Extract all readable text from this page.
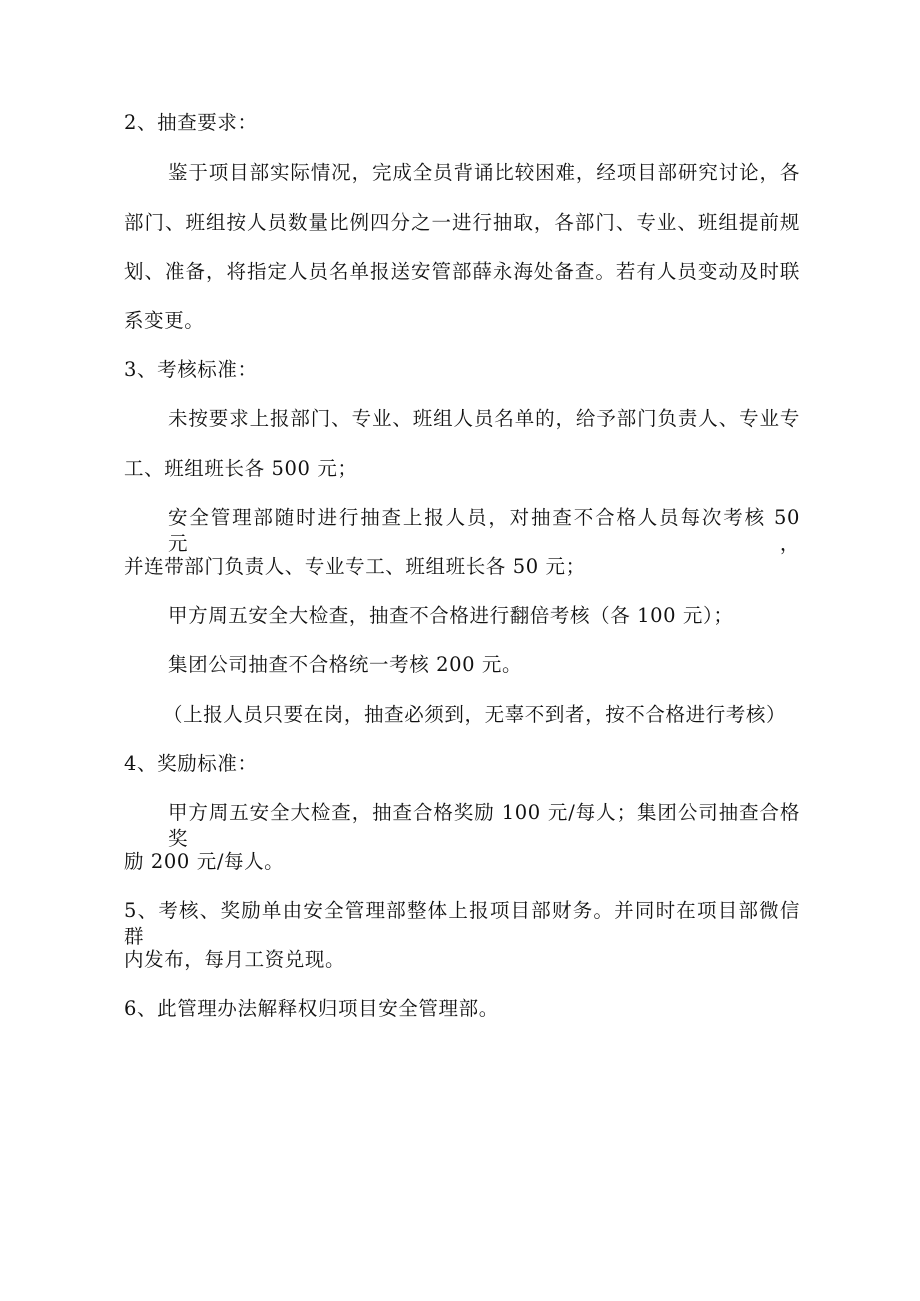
2、抽查要求：
鉴于项目部实际情况，完成全员背诵比较困难，经项目部研究讨论，各
部门、班组按人员数量比例四分之一进行抽取，各部门、专业、班组提前规
划、准备，将指定人员名单报送安管部薛永海处备查。若有人员变动及时联
系变更。
3、考核标准：
未按要求上报部门、专业、班组人员名单的，给予部门负责人、专业专
工、班组班长各 500 元；
安全管理部随时进行抽查上报人员，对抽查不合格人员每次考核 50 元，
并连带部门负责人、专业专工、班组班长各 50 元；
甲方周五安全大检查，抽查不合格进行翻倍考核（各 100 元）；
集团公司抽查不合格统一考核 200 元。
（上报人员只要在岗，抽查必须到，无辜不到者，按不合格进行考核）
4、奖励标准：
甲方周五安全大检查，抽查合格奖励 100 元/每人；集团公司抽查合格奖
励 200 元/每人。
5、考核、奖励单由安全管理部整体上报项目部财务。并同时在项目部微信群
内发布，每月工资兑现。
6、此管理办法解释权归项目安全管理部。
